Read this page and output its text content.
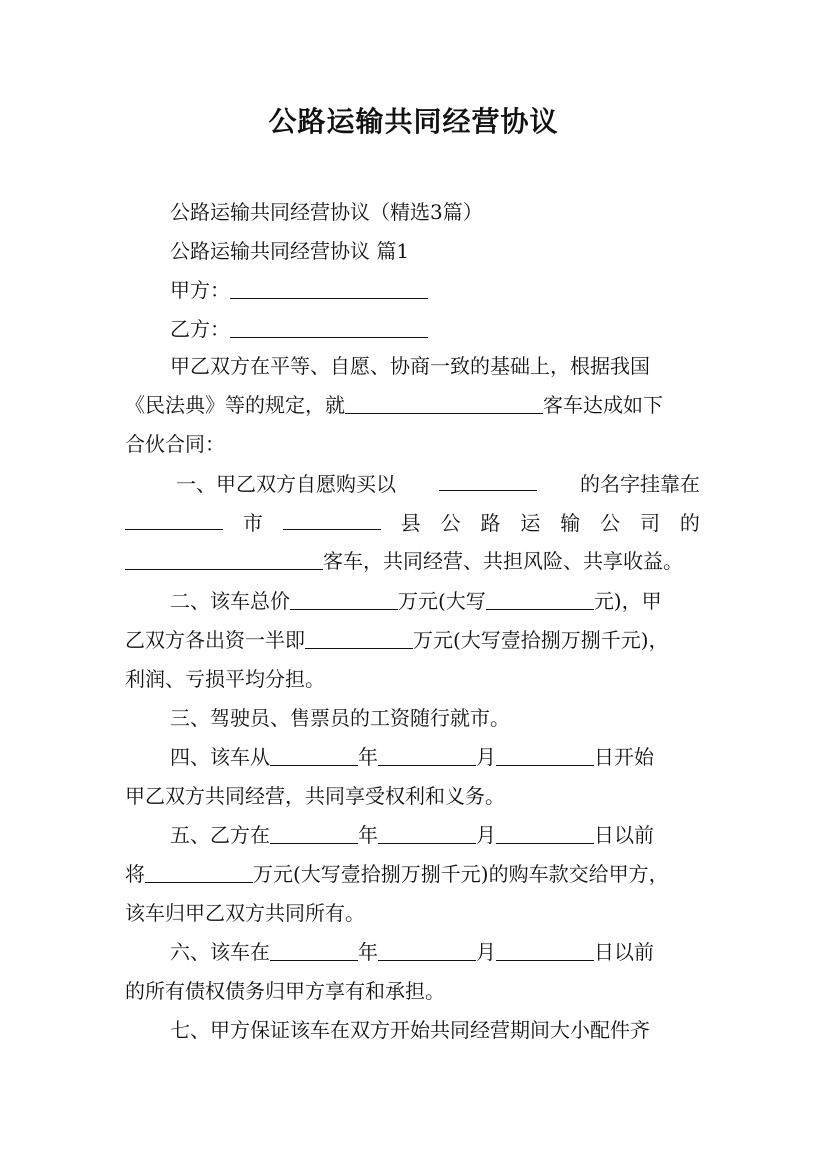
公路运输共同经营协议
公路运输共同经营协议（精选3篇）
公路运输共同经营协议 篇1
甲方：
乙方：
甲乙双方在平等、自愿、协商一致的基础上，根据我国
《民法典》等的规定，就	客车达成如下
合伙合同：
一、甲乙双方自愿购买以	的名字挂靠在
市	县 公 路 运 输 公 司 的
客车，共同经营、共担风险、共享收益。
二、该车总价	万元(大写	元)，甲
乙双方各出资一半即	万元(大写壹拾捌万捌千元)，
利润、亏损平均分担。
三、驾驶员、售票员的工资随行就市。
四、该车从	年	月	日开始
甲乙双方共同经营，共同享受权利和义务。
五、乙方在	年	月	日以前
将	万元(大写壹拾捌万捌千元)的购车款交给甲方，
该车归甲乙双方共同所有。
六、该车在	年	月	日以前
的所有债权债务归甲方享有和承担。
七、甲方保证该车在双方开始共同经营期间大小配件齐
